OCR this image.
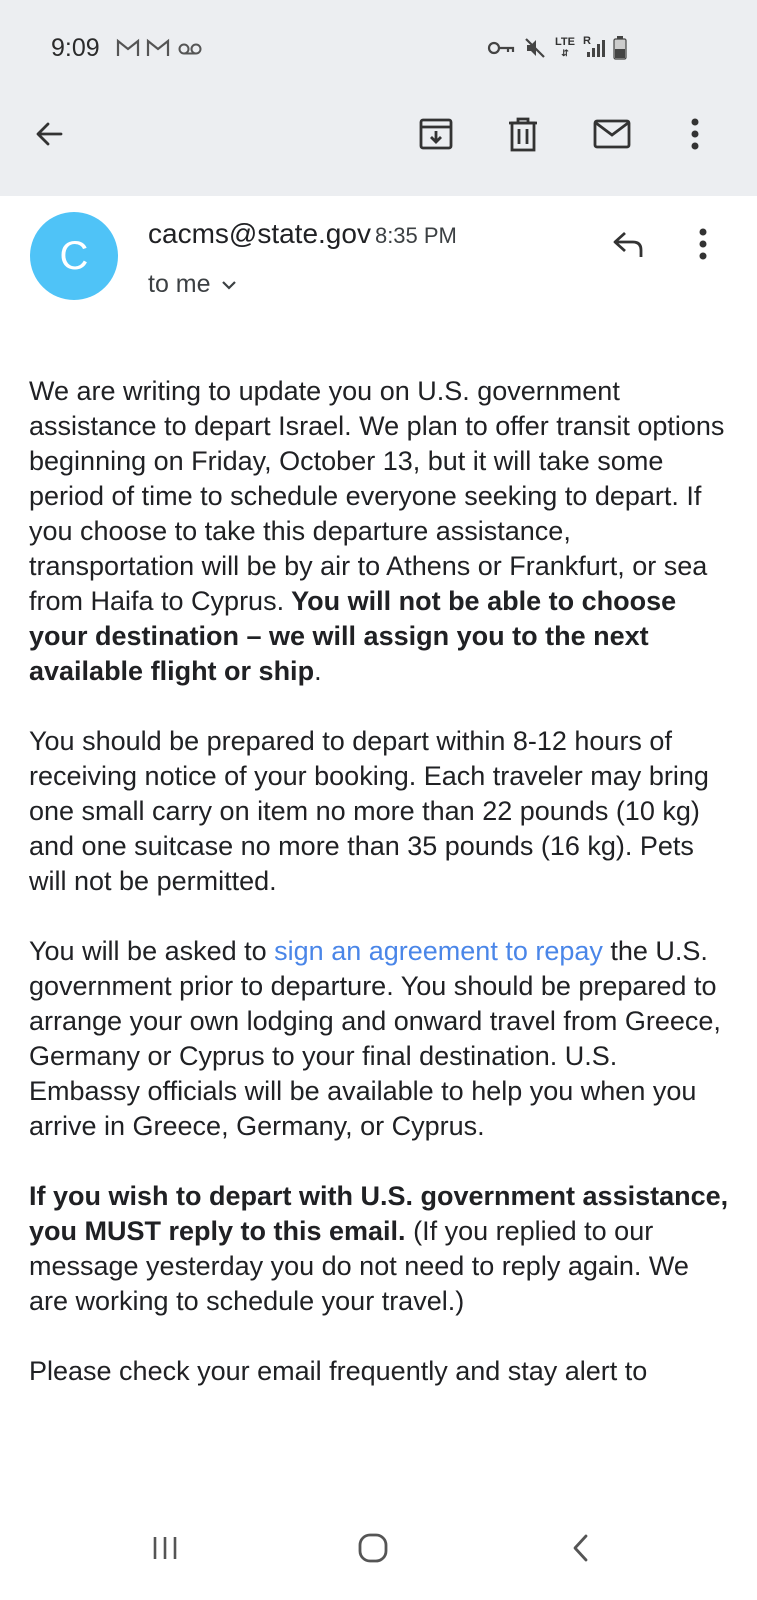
9:09	LTE
⇵
R
C cacms@state.gov 8:35 PM
to me

We are writing to update you on U.S. government assistance to depart Israel. We plan to offer transit options beginning on Friday, October 13, but it will take some period of time to schedule everyone seeking to depart. If you choose to take this departure assistance, transportation will be by air to Athens or Frankfurt, or sea from Haifa to Cyprus. You will not be able to choose your destination – we will assign you to the next available flight or ship.

You should be prepared to depart within 8-12 hours of receiving notice of your booking. Each traveler may bring one small carry on item no more than 22 pounds (10 kg) and one suitcase no more than 35 pounds (16 kg). Pets will not be permitted.

You will be asked to sign an agreement to repay the U.S. government prior to departure. You should be prepared to arrange your own lodging and onward travel from Greece, Germany or Cyprus to your final destination. U.S. Embassy officials will be available to help you when you arrive in Greece, Germany, or Cyprus.

If you wish to depart with U.S. government assistance, you MUST reply to this email. (If you replied to our message yesterday you do not need to reply again. We are working to schedule your travel.)

Please check your email frequently and stay alert to
